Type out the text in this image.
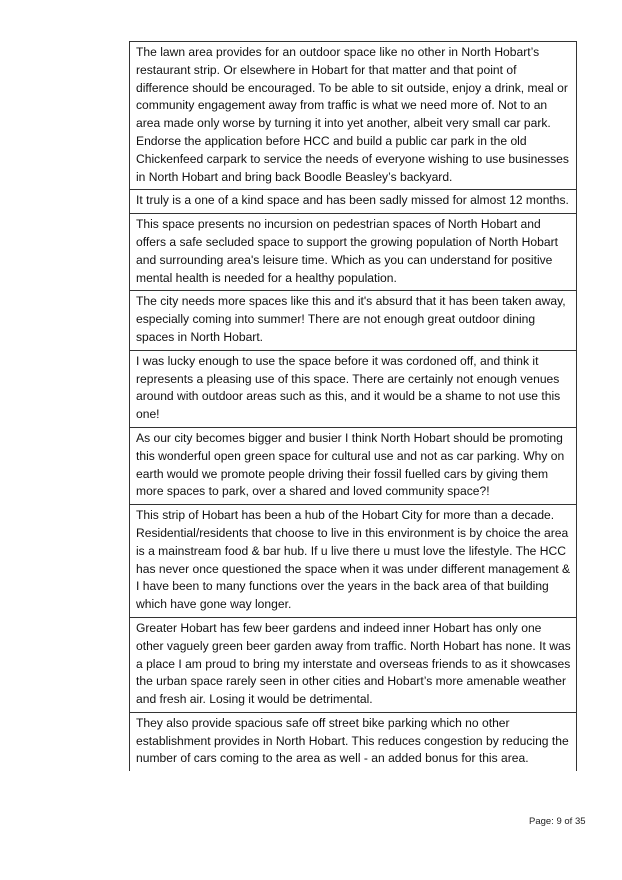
The lawn area provides for an outdoor space like no other in North Hobart’s restaurant strip. Or elsewhere in Hobart for that matter and that point of difference should be encouraged. To be able to sit outside, enjoy a drink, meal or community engagement away from traffic is what we need more of. Not to an area made only worse by turning it into yet another, albeit very small car park. Endorse the application before HCC and build a public car park in the old Chickenfeed carpark to service the needs of everyone wishing to use businesses in North Hobart and bring back Boodle Beasley’s backyard.
It truly is a one of a kind space and has been sadly missed for almost 12 months.
This space presents no incursion on pedestrian spaces of North Hobart and offers a safe secluded space to support the growing population of North Hobart and surrounding area's leisure time. Which as you can understand for positive mental health is needed for a healthy population.
The city needs more spaces like this and it's absurd that it has been taken away, especially coming into summer! There are not enough great outdoor dining spaces in North Hobart.
I was lucky enough to use the space before it was cordoned off, and think it represents a pleasing use of this space. There are certainly not enough venues around with outdoor areas such as this, and it would be a shame to not use this one!
As our city becomes bigger and busier I think North Hobart should be promoting this wonderful open green space for cultural use and not as car parking. Why on earth would we promote people driving their fossil fuelled cars by giving them more spaces to park, over a shared and loved community space?!
This strip of Hobart has been a hub of the Hobart City for more than a decade. Residential/residents that choose to live in this environment is by choice the area is a mainstream food & bar hub. If u live there u must love the lifestyle. The HCC has never once questioned the space when it was under different management & I have been to many functions over the years in the back area of that building which have gone way longer.
Greater Hobart has few beer gardens and indeed inner Hobart has only one other vaguely green beer garden away from traffic. North Hobart has none. It was a place I am proud to bring my interstate and overseas friends to as it showcases the urban space rarely seen in other cities and Hobart’s more amenable weather and fresh air. Losing it would be detrimental.
They also provide spacious safe off street bike parking which no other establishment provides in North Hobart. This reduces congestion by reducing the number of cars coming to the area as well - an added bonus for this area.
Page: 9 of 35
